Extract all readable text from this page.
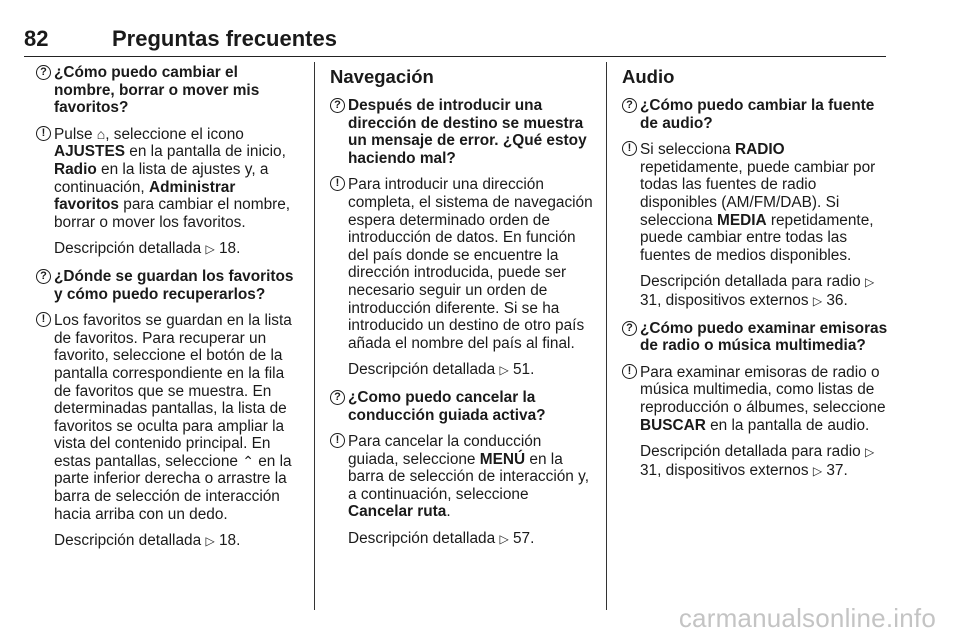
82	Preguntas frecuentes
? ¿Cómo puedo cambiar el nombre, borrar o mover mis favoritos?
! Pulse ⌂, seleccione el icono AJUSTES en la pantalla de inicio, Radio en la lista de ajustes y, a continuación, Administrar favoritos para cambiar el nombre, borrar o mover los favoritos.
Descripción detallada ▷ 18.
? ¿Dónde se guardan los favoritos y cómo puedo recuperarlos?
! Los favoritos se guardan en la lista de favoritos. Para recuperar un favorito, seleccione el botón de la pantalla correspondiente en la fila de favoritos que se muestra. En determinadas pantallas, la lista de favoritos se oculta para ampliar la vista del contenido principal. En estas pantallas, seleccione ⌃ en la parte inferior derecha o arrastre la barra de selección de interacción hacia arriba con un dedo.
Descripción detallada ▷ 18.
Navegación
? Después de introducir una dirección de destino se muestra un mensaje de error. ¿Qué estoy haciendo mal?
! Para introducir una dirección completa, el sistema de navegación espera determinado orden de introducción de datos. En función del país donde se encuentre la dirección introducida, puede ser necesario seguir un orden de introducción diferente. Si se ha introducido un destino de otro país añada el nombre del país al final.
Descripción detallada ▷ 51.
? ¿Como puedo cancelar la conducción guiada activa?
! Para cancelar la conducción guiada, seleccione MENÚ en la barra de selección de interacción y, a continuación, seleccione Cancelar ruta.
Descripción detallada ▷ 57.
Audio
? ¿Cómo puedo cambiar la fuente de audio?
! Si selecciona RADIO repetidamente, puede cambiar por todas las fuentes de radio disponibles (AM/FM/DAB). Si selecciona MEDIA repetidamente, puede cambiar entre todas las fuentes de medios disponibles.
Descripción detallada para radio ▷ 31, dispositivos externos ▷ 36.
? ¿Cómo puedo examinar emisoras de radio o música multimedia?
! Para examinar emisoras de radio o música multimedia, como listas de reproducción o álbumes, seleccione BUSCAR en la pantalla de audio.
Descripción detallada para radio ▷ 31, dispositivos externos ▷ 37.
carmanualsonline.info
